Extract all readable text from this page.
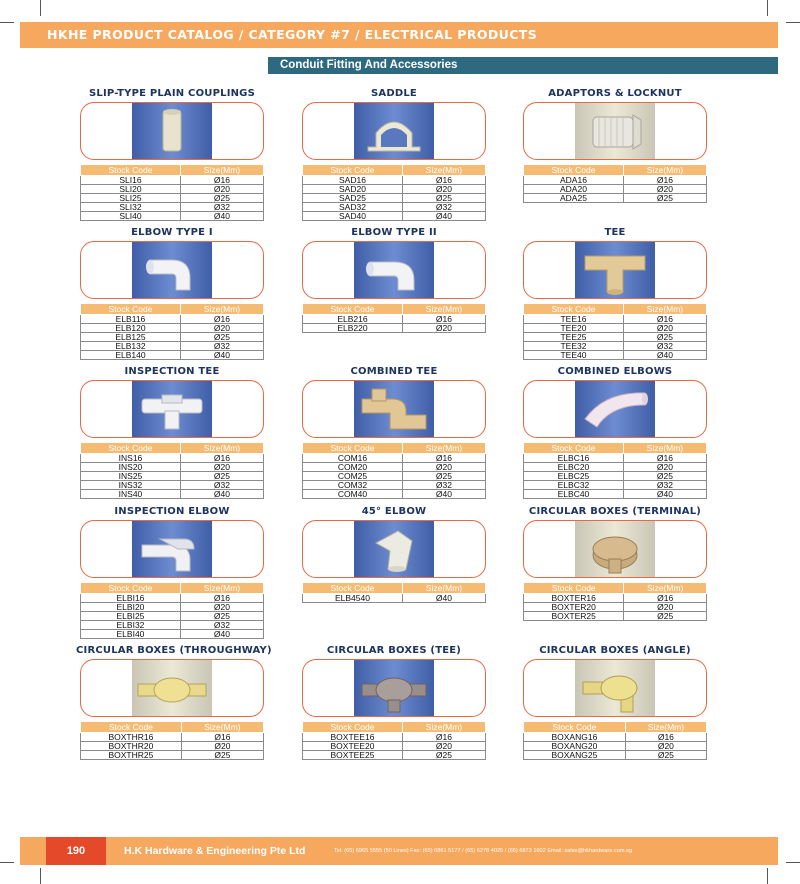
HKHE PRODUCT CATALOG / CATEGORY #7 / ELECTRICAL PRODUCTS
Conduit Fitting And Accessories
SLIP-TYPE PLAIN COUPLINGS
Stock Code	Size(Mm)
SLI16	Ø16
SLI20	Ø20
SLI25	Ø25
SLI32	Ø32
SLI40	Ø40
SADDLE
Stock Code	Size(Mm)
SAD16	Ø16
SAD20	Ø20
SAD25	Ø25
SAD32	Ø32
SAD40	Ø40
ADAPTORS & LOCKNUT
Stock Code	Size(Mm)
ADA16	Ø16
ADA20	Ø20
ADA25	Ø25
ELBOW TYPE I
Stock Code	Size(Mm)
ELB116	Ø16
ELB120	Ø20
ELB125	Ø25
ELB132	Ø32
ELB140	Ø40
ELBOW TYPE II
Stock Code	Size(Mm)
ELB216	Ø16
ELB220	Ø20
TEE
Stock Code	Size(Mm)
TEE16	Ø16
TEE20	Ø20
TEE25	Ø25
TEE32	Ø32
TEE40	Ø40
INSPECTION TEE
Stock Code	Size(Mm)
INS16	Ø16
INS20	Ø20
INS25	Ø25
INS32	Ø32
INS40	Ø40
COMBINED TEE
Stock Code	Size(Mm)
COM16	Ø16
COM20	Ø20
COM25	Ø25
COM32	Ø32
COM40	Ø40
COMBINED ELBOWS
Stock Code	Size(Mm)
ELBC16	Ø16
ELBC20	Ø20
ELBC25	Ø25
ELBC32	Ø32
ELBC40	Ø40
INSPECTION ELBOW
Stock Code	Size(Mm)
ELBI16	Ø16
ELBI20	Ø20
ELBI25	Ø25
ELBI32	Ø32
ELBI40	Ø40
45° ELBOW
Stock Code	Size(Mm)
ELB4540	Ø40
CIRCULAR BOXES (TERMINAL)
Stock Code	Size(Mm)
BOXTER16	Ø16
BOXTER20	Ø20
BOXTER25	Ø25
CIRCULAR BOXES (THROUGHWAY)
Stock Code	Size(Mm)
BOXTHR16	Ø16
BOXTHR20	Ø20
BOXTHR25	Ø25
CIRCULAR BOXES (TEE)
Stock Code	Size(Mm)
BOXTEE16	Ø16
BOXTEE20	Ø20
BOXTEE25	Ø25
CIRCULAR BOXES (ANGLE)
Stock Code	Size(Mm)
BOXANG16	Ø16
BOXANG20	Ø20
BOXANG25	Ø25
190	H.K Hardware & Engineering Pte Ltd	Tel: (65) 6965 5555 (50 Lines) Fax: (65) 6861 5177 / (65) 6278 4025 / (65) 6873 1602 Email: sales@hkhardware.com.sg
